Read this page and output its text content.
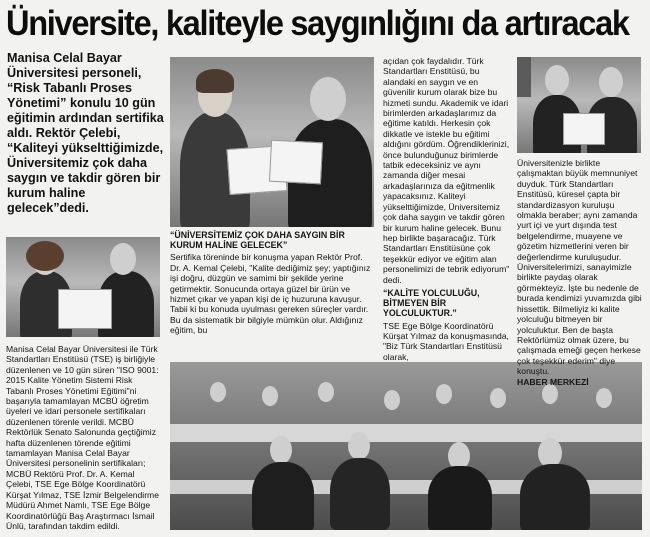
Üniversite, kaliteyle saygınlığını da artıracak
Manisa Celal Bayar Üniversitesi personeli, “Risk Tabanlı Proses Yönetimi” konulu 10 gün eğitimin ardından sertifika aldı. Rektör Çelebi, “Kaliteyi yükselttiğimizde, Üniversitemiz çok daha saygın ve takdir gören bir kurum haline gelecek”dedi.

Manisa Celal Bayar Üniversitesi ile Türk Standartları Enstitüsü (TSE) iş birliğiyle düzenlenen ve 10 gün süren "ISO 9001: 2015 Kalite Yönetim Sistemi Risk Tabanlı Proses Yönetimi Eğitimi"ni başarıyla tamamlayan MCBÜ öğretim üyeleri ve idari personele sertifikaları düzenlenen törenle verildi. MCBÜ Rektörlük Senato Salonunda geçtiğimiz hafta düzenlenen törende eğitimi tamamlayan Manisa Celal Bayar Üniversitesi personelinin sertifikaları; MCBÜ Rektörü Prof. Dr. A. Kemal Çelebi, TSE Ege Bölge Koordinatörü Kürşat Yılmaz, TSE İzmir Belgelendirme Müdürü Ahmet Namlı, TSE Ege Bölge Koordinatörlüğü Baş Araştırmacı İsmail Ünlü, tarafından takdim edildi.

“ÜNİVERSİTEMİZ ÇOK DAHA SAYGIN BİR KURUM HALİNE GELECEK”

Sertifika töreninde bir konuşma yapan Rektör Prof. Dr. A. Kemal Çelebi, "Kalite dediğimiz şey; yaptığınız işi doğru, düzgün ve samimi bir şekilde yerine getirmektir. Sonucunda ortaya güzel bir ürün ve hizmet çıkar ve yapan kişi de iç huzuruna kavuşur. Tabii ki bu konuda uyulması gereken süreçler vardır. Bu da sistematik bir bilgiyle mümkün olur. Aldığınız eğitim, bu

açıdan çok faydalıdır. Türk Standartları Enstitüsü, bu alandaki en saygın ve en güvenilir kurum olarak bize bu hizmeti sundu. Akademik ve idari birimlerden arkadaşlarımız da eğitime katıldı. Herkesin çok dikkatle ve istekle bu eğitimi aldığını gördüm. Öğrendiklerinizi, önce bulunduğunuz birimlerde tatbik edeceksiniz ve aynı zamanda diğer mesai arkadaşlarınıza da eğitmenlik yapacaksınız. Kaliteyi yükselttiğimizde, Üniversitemiz çok daha saygın ve takdir gören bir kurum haline gelecek. Bunu hep birlikte başaracağız. Türk Standartları Enstitüsüne çok teşekkür ediyor ve eğitim alan personelimizi de tebrik ediyorum" dedi.

“KALİTE YOLCULUĞU, BİTMEYEN BİR YOLCULUKTUR.”

TSE Ege Bölge Koordinatörü Kürşat Yılmaz da konuşmasında, "Biz Türk Standartları Enstitüsü olarak,

Üniversitenizle birlikte çalışmaktan büyük memnuniyet duyduk. Türk Standartları Enstitüsü, küresel çapta bir standardizasyon kuruluşu olmakla beraber; aynı zamanda yurt içi ve yurt dışında test belgelendirme, muayene ve gözetim hizmetlerini veren bir değerlendirme kuruluşudur. Üniversitelerimizi, sanayimizle birlikte paydaş olarak görmekteyiz. İşte bu nedenle de burada kendimizi yuvamızda gibi hissettik. Bilmeliyiz ki kalite yolculuğu bitmeyen bir yolculuktur. Ben de başta Rektörlümüz olmak üzere, bu çalışmada emeği geçen herkese çok teşekkür ederim" diye konuştu.

HABER MERKEZİ
